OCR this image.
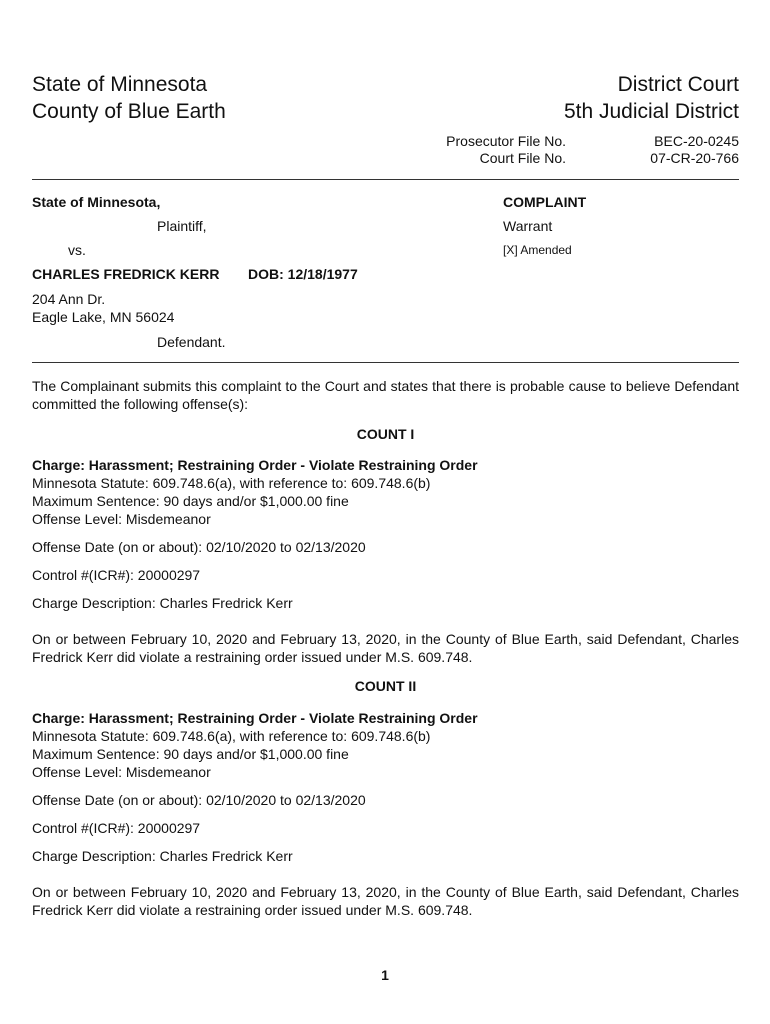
State of Minnesota
County of Blue Earth
District Court
5th Judicial District
Prosecutor File No.	BEC-20-0245
Court File No.	07-CR-20-766
State of Minnesota,
Plaintiff,
vs.
CHARLES FREDRICK KERR DOB: 12/18/1977
204 Ann Dr.
Eagle Lake, MN 56024
Defendant.
COMPLAINT
Warrant
[X] Amended
The Complainant submits this complaint to the Court and states that there is probable cause to believe Defendant committed the following offense(s):
COUNT I
Charge: Harassment; Restraining Order - Violate Restraining Order
Minnesota Statute: 609.748.6(a), with reference to: 609.748.6(b)
Maximum Sentence: 90 days and/or $1,000.00 fine
Offense Level: Misdemeanor
Offense Date (on or about): 02/10/2020 to 02/13/2020
Control #(ICR#): 20000297
Charge Description: Charles Fredrick Kerr
On or between February 10, 2020 and February 13, 2020, in the County of Blue Earth, said Defendant, Charles Fredrick Kerr did violate a restraining order issued under M.S. 609.748.
COUNT II
Charge: Harassment; Restraining Order - Violate Restraining Order
Minnesota Statute: 609.748.6(a), with reference to: 609.748.6(b)
Maximum Sentence: 90 days and/or $1,000.00 fine
Offense Level: Misdemeanor
Offense Date (on or about): 02/10/2020 to 02/13/2020
Control #(ICR#): 20000297
Charge Description: Charles Fredrick Kerr
On or between February 10, 2020 and February 13, 2020, in the County of Blue Earth, said Defendant, Charles Fredrick Kerr did violate a restraining order issued under M.S. 609.748.
1
